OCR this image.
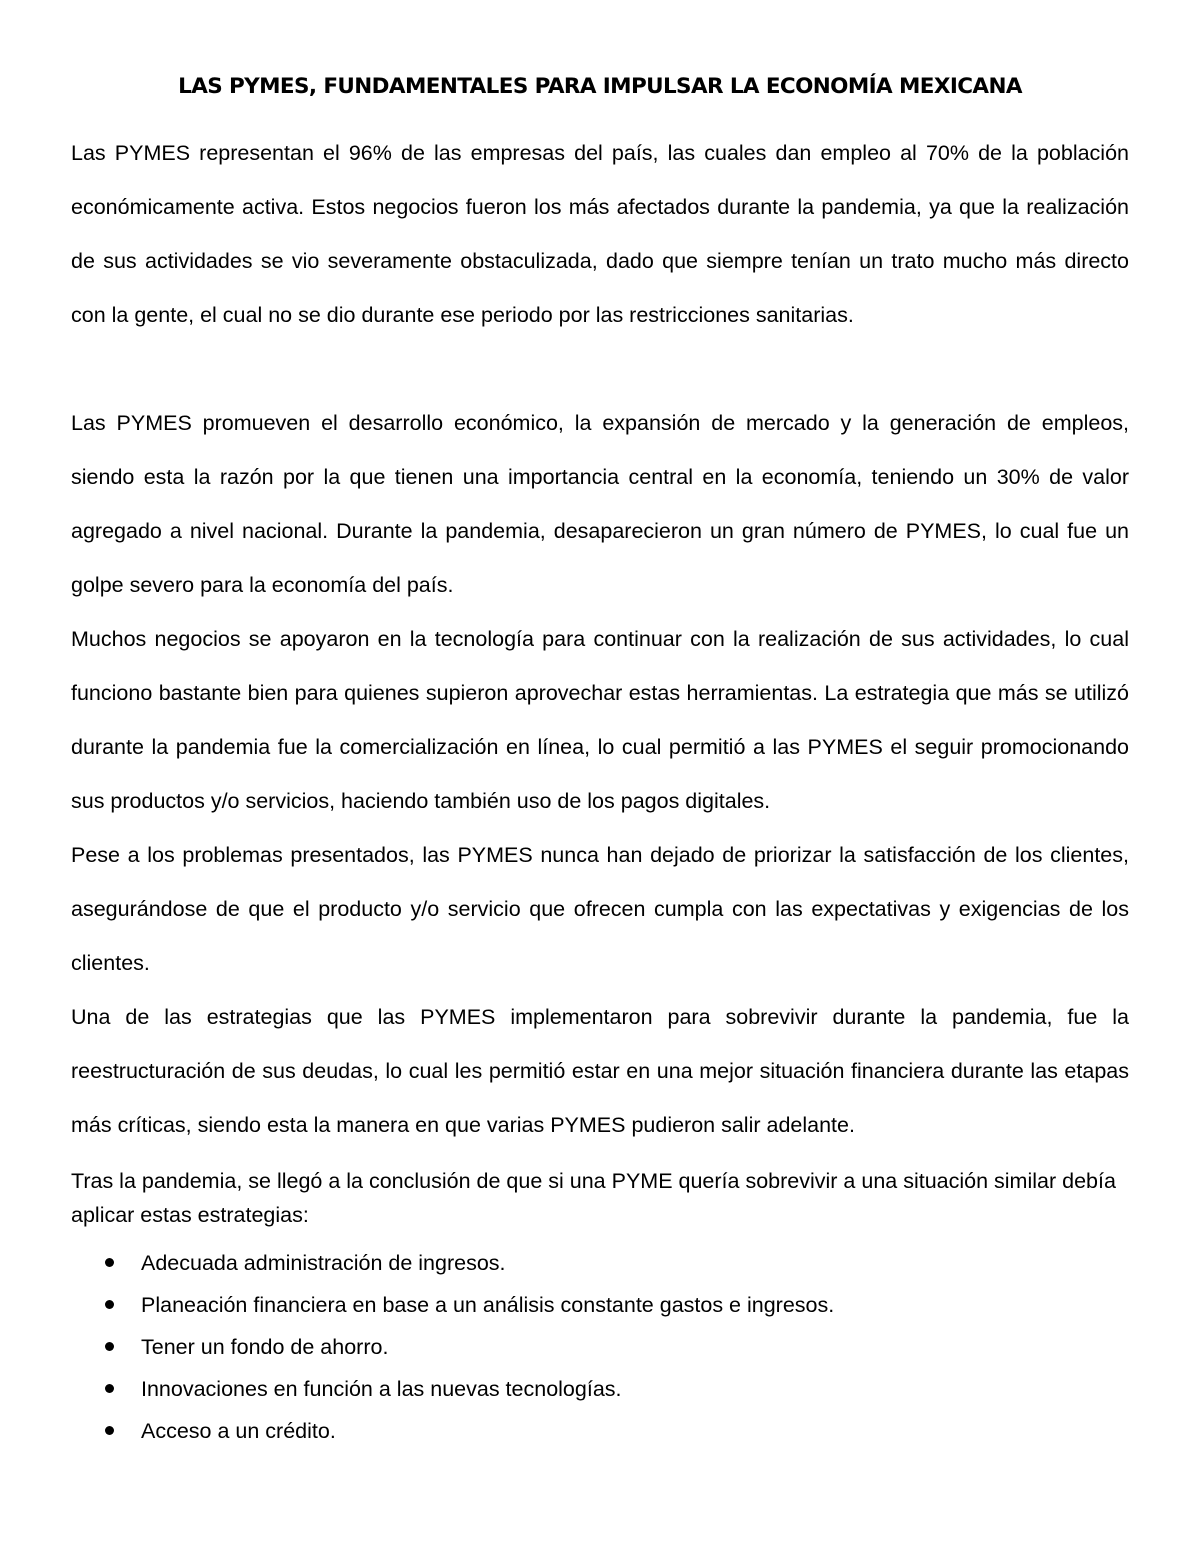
LAS PYMES, FUNDAMENTALES PARA IMPULSAR LA ECONOMÍA MEXICANA

Las PYMES representan el 96% de las empresas del país, las cuales dan empleo al 70% de la población económicamente activa. Estos negocios fueron los más afectados durante la pandemia, ya que la realización de sus actividades se vio severamente obstaculizada, dado que siempre tenían un trato mucho más directo con la gente, el cual no se dio durante ese periodo por las restricciones sanitarias.

Las PYMES promueven el desarrollo económico, la expansión de mercado y la generación de empleos, siendo esta la razón por la que tienen una importancia central en la economía, teniendo un 30% de valor agregado a nivel nacional. Durante la pandemia, desaparecieron un gran número de PYMES, lo cual fue un golpe severo para la economía del país.

Muchos negocios se apoyaron en la tecnología para continuar con la realización de sus actividades, lo cual funciono bastante bien para quienes supieron aprovechar estas herramientas. La estrategia que más se utilizó durante la pandemia fue la comercialización en línea, lo cual permitió a las PYMES el seguir promocionando sus productos y/o servicios, haciendo también uso de los pagos digitales.

Pese a los problemas presentados, las PYMES nunca han dejado de priorizar la satisfacción de los clientes, asegurándose de que el producto y/o servicio que ofrecen cumpla con las expectativas y exigencias de los clientes.

Una de las estrategias que las PYMES implementaron para sobrevivir durante la pandemia, fue la reestructuración de sus deudas, lo cual les permitió estar en una mejor situación financiera durante las etapas más críticas, siendo esta la manera en que varias PYMES pudieron salir adelante.

Tras la pandemia, se llegó a la conclusión de que si una PYME quería sobrevivir a una situación similar debía aplicar estas estrategias:

Adecuada administración de ingresos.
Planeación financiera en base a un análisis constante gastos e ingresos.
Tener un fondo de ahorro.
Innovaciones en función a las nuevas tecnologías.
Acceso a un crédito.
